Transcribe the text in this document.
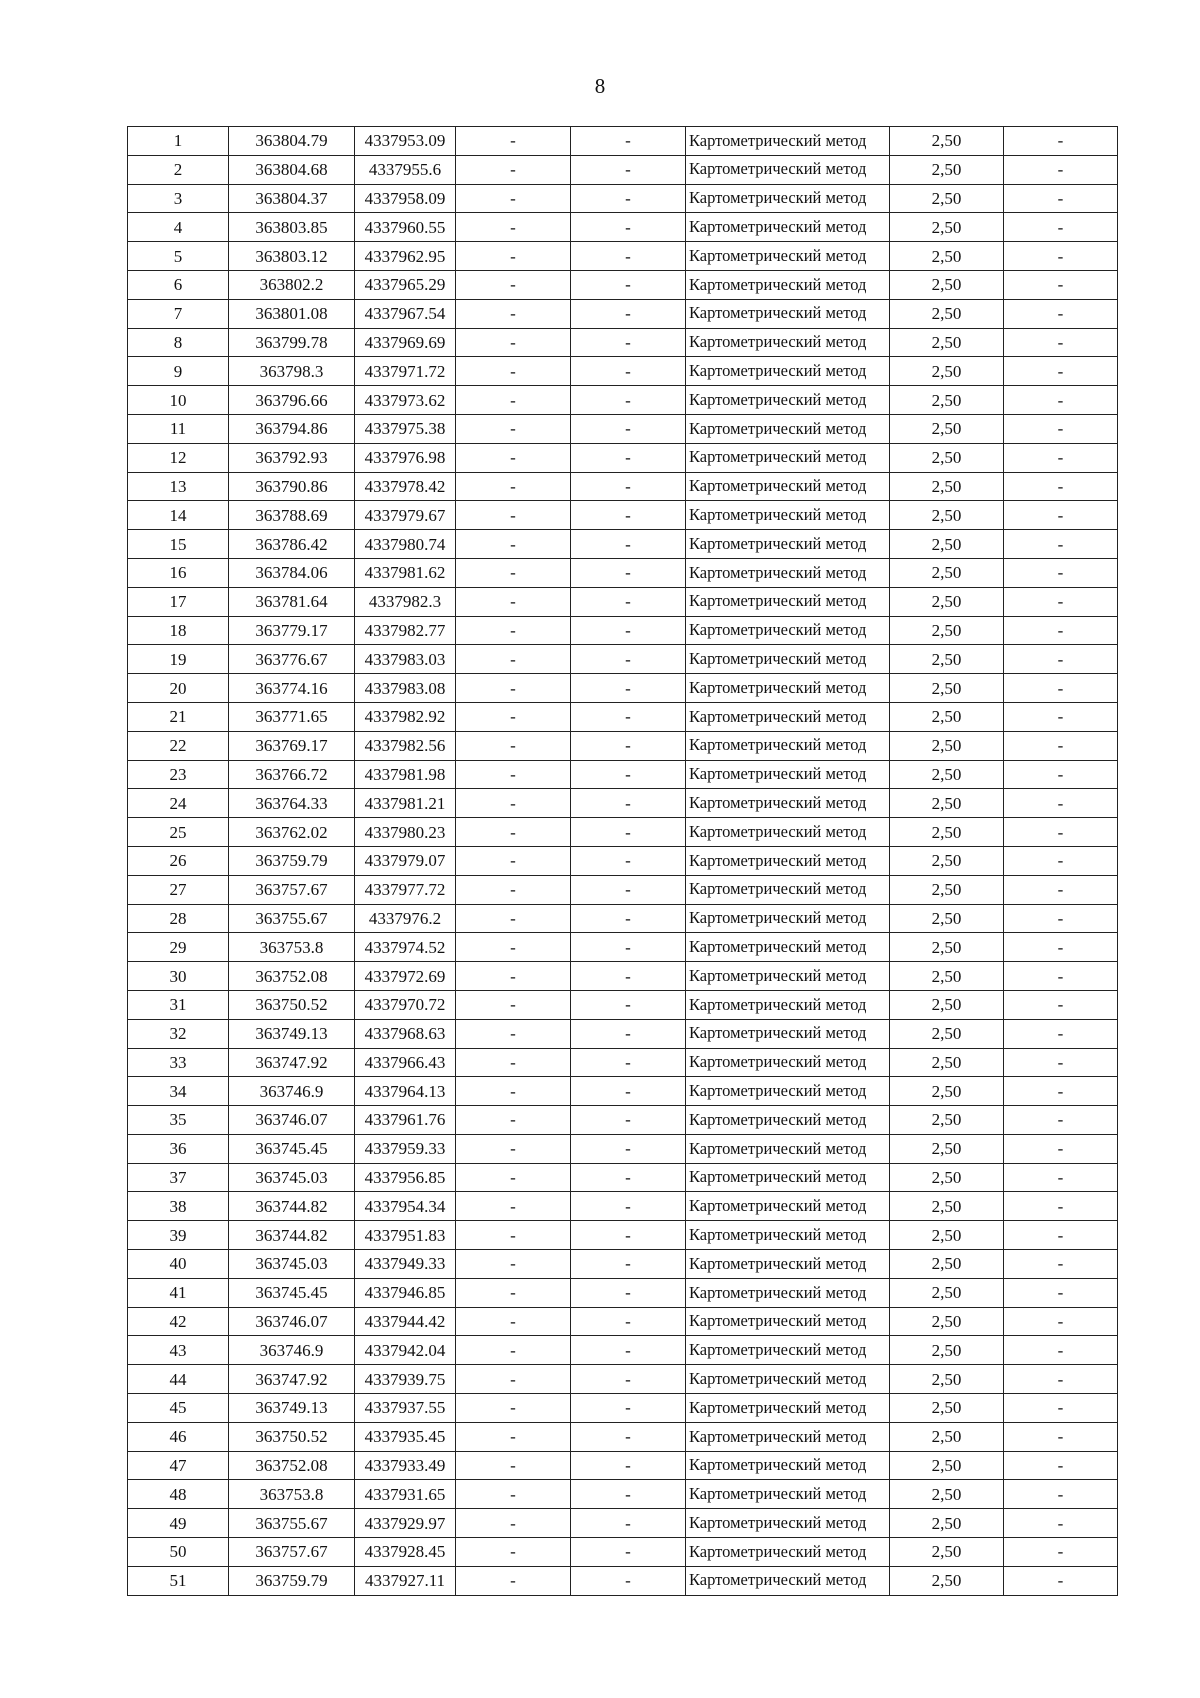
8
1	363804.79	4337953.09	-	-	Картометрический метод	2,50	-
2	363804.68	4337955.6	-	-	Картометрический метод	2,50	-
3	363804.37	4337958.09	-	-	Картометрический метод	2,50	-
4	363803.85	4337960.55	-	-	Картометрический метод	2,50	-
5	363803.12	4337962.95	-	-	Картометрический метод	2,50	-
6	363802.2	4337965.29	-	-	Картометрический метод	2,50	-
7	363801.08	4337967.54	-	-	Картометрический метод	2,50	-
8	363799.78	4337969.69	-	-	Картометрический метод	2,50	-
9	363798.3	4337971.72	-	-	Картометрический метод	2,50	-
10	363796.66	4337973.62	-	-	Картометрический метод	2,50	-
11	363794.86	4337975.38	-	-	Картометрический метод	2,50	-
12	363792.93	4337976.98	-	-	Картометрический метод	2,50	-
13	363790.86	4337978.42	-	-	Картометрический метод	2,50	-
14	363788.69	4337979.67	-	-	Картометрический метод	2,50	-
15	363786.42	4337980.74	-	-	Картометрический метод	2,50	-
16	363784.06	4337981.62	-	-	Картометрический метод	2,50	-
17	363781.64	4337982.3	-	-	Картометрический метод	2,50	-
18	363779.17	4337982.77	-	-	Картометрический метод	2,50	-
19	363776.67	4337983.03	-	-	Картометрический метод	2,50	-
20	363774.16	4337983.08	-	-	Картометрический метод	2,50	-
21	363771.65	4337982.92	-	-	Картометрический метод	2,50	-
22	363769.17	4337982.56	-	-	Картометрический метод	2,50	-
23	363766.72	4337981.98	-	-	Картометрический метод	2,50	-
24	363764.33	4337981.21	-	-	Картометрический метод	2,50	-
25	363762.02	4337980.23	-	-	Картометрический метод	2,50	-
26	363759.79	4337979.07	-	-	Картометрический метод	2,50	-
27	363757.67	4337977.72	-	-	Картометрический метод	2,50	-
28	363755.67	4337976.2	-	-	Картометрический метод	2,50	-
29	363753.8	4337974.52	-	-	Картометрический метод	2,50	-
30	363752.08	4337972.69	-	-	Картометрический метод	2,50	-
31	363750.52	4337970.72	-	-	Картометрический метод	2,50	-
32	363749.13	4337968.63	-	-	Картометрический метод	2,50	-
33	363747.92	4337966.43	-	-	Картометрический метод	2,50	-
34	363746.9	4337964.13	-	-	Картометрический метод	2,50	-
35	363746.07	4337961.76	-	-	Картометрический метод	2,50	-
36	363745.45	4337959.33	-	-	Картометрический метод	2,50	-
37	363745.03	4337956.85	-	-	Картометрический метод	2,50	-
38	363744.82	4337954.34	-	-	Картометрический метод	2,50	-
39	363744.82	4337951.83	-	-	Картометрический метод	2,50	-
40	363745.03	4337949.33	-	-	Картометрический метод	2,50	-
41	363745.45	4337946.85	-	-	Картометрический метод	2,50	-
42	363746.07	4337944.42	-	-	Картометрический метод	2,50	-
43	363746.9	4337942.04	-	-	Картометрический метод	2,50	-
44	363747.92	4337939.75	-	-	Картометрический метод	2,50	-
45	363749.13	4337937.55	-	-	Картометрический метод	2,50	-
46	363750.52	4337935.45	-	-	Картометрический метод	2,50	-
47	363752.08	4337933.49	-	-	Картометрический метод	2,50	-
48	363753.8	4337931.65	-	-	Картометрический метод	2,50	-
49	363755.67	4337929.97	-	-	Картометрический метод	2,50	-
50	363757.67	4337928.45	-	-	Картометрический метод	2,50	-
51	363759.79	4337927.11	-	-	Картометрический метод	2,50	-
